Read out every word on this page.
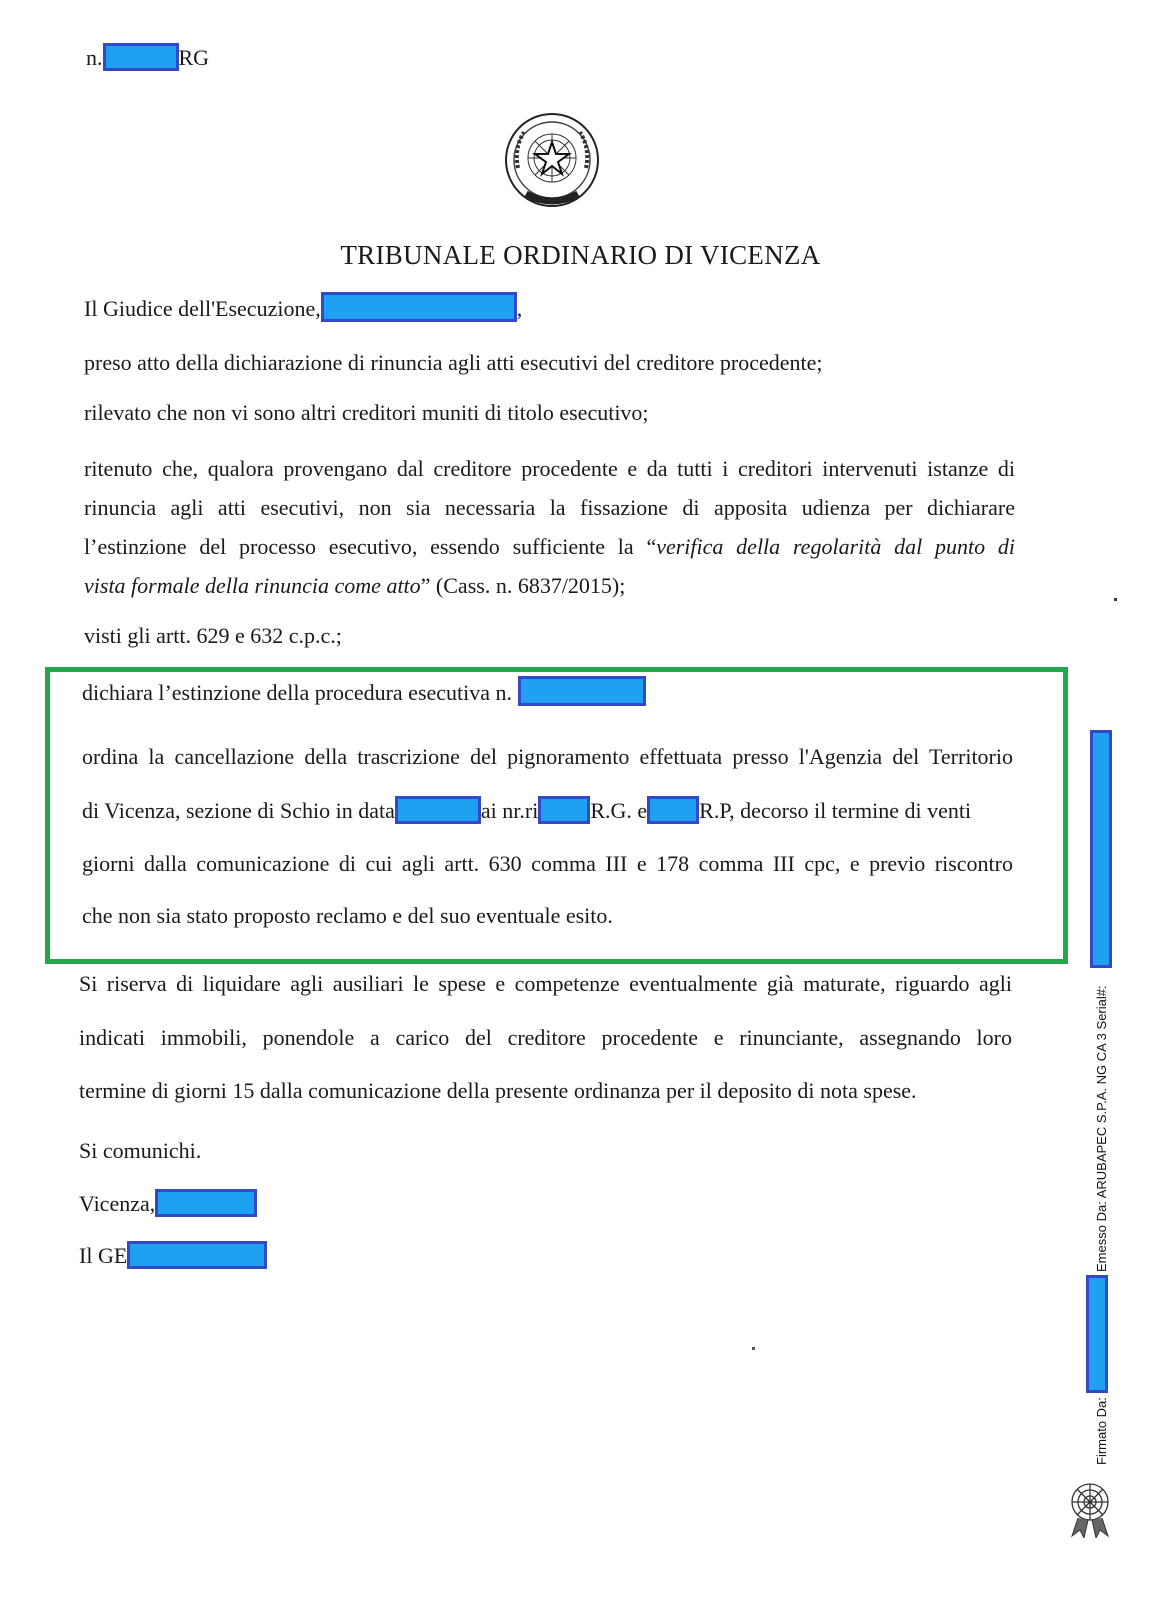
n.	RG
TRIBUNALE ORDINARIO DI VICENZA
Il Giudice dell'Esecuzione,	,
preso atto della dichiarazione di rinuncia agli atti esecutivi del creditore procedente;
rilevato che non vi sono altri creditori muniti di titolo esecutivo;
ritenuto che, qualora provengano dal creditore procedente e da tutti i creditori intervenuti istanze di
rinuncia agli atti esecutivi, non sia necessaria la fissazione di apposita udienza per dichiarare
l’estinzione del processo esecutivo, essendo sufficiente la “verifica della regolarità dal punto di
vista formale della rinuncia come atto” (Cass. n. 6837/2015);
visti gli artt. 629 e 632 c.p.c.;
dichiara l’estinzione della procedura esecutiva n.
ordina la cancellazione della trascrizione del pignoramento effettuata presso l'Agenzia del Territorio
di Vicenza, sezione di Schio in data	ai nr.ri R.G. e R.P, decorso il termine di venti
giorni dalla comunicazione di cui agli artt. 630 comma III e 178 comma III cpc, e previo riscontro
che non sia stato proposto reclamo e del suo eventuale esito.
Si riserva di liquidare agli ausiliari le spese e competenze eventualmente già maturate, riguardo agli
indicati immobili, ponendole a carico del creditore procedente e rinunciante, assegnando loro
termine di giorni 15 dalla comunicazione della presente ordinanza per il deposito di nota spese.
Si comunichi.
Vicenza,
Il GE	Emesso Da: ARUBAPEC S.P.A. NG CA 3 Serial#:
Firmato Da:
